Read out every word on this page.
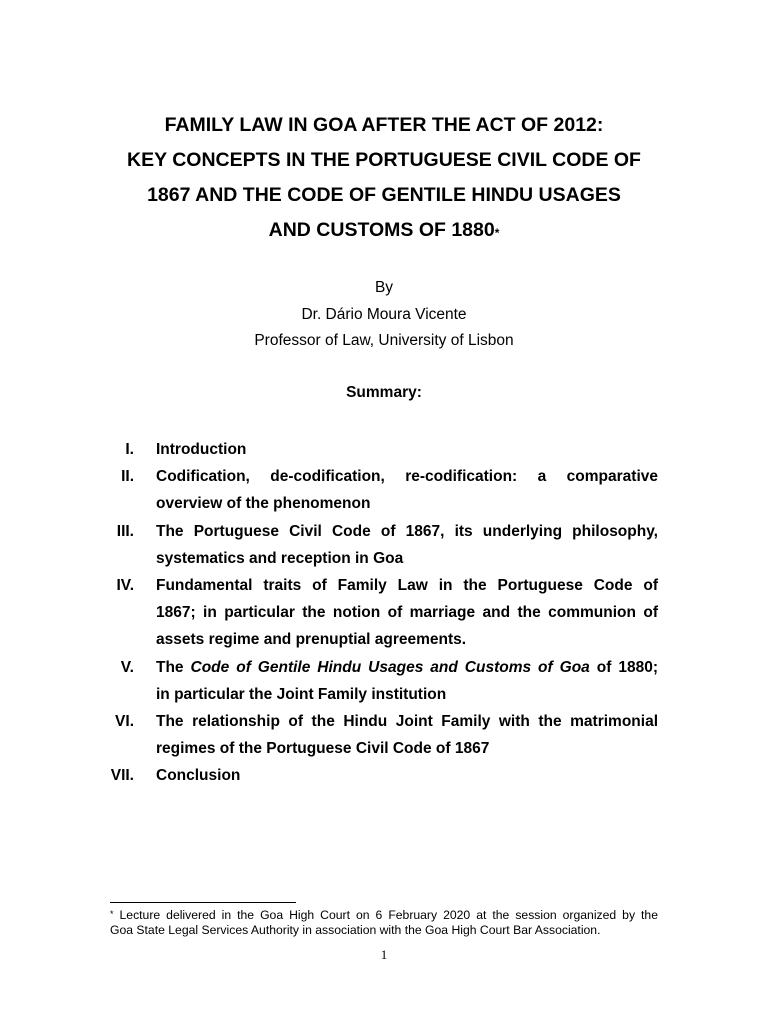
FAMILY LAW IN GOA AFTER THE ACT OF 2012:
KEY CONCEPTS IN THE PORTUGUESE CIVIL CODE OF
1867 AND THE CODE OF GENTILE HINDU USAGES
AND CUSTOMS OF 1880*
By
Dr. Dário Moura Vicente
Professor of Law, University of Lisbon
Summary:
I. Introduction
II. Codification, de-codification, re-codification: a comparative
overview of the phenomenon
III. The Portuguese Civil Code of 1867, its underlying philosophy,
systematics and reception in Goa
IV. Fundamental traits of Family Law in the Portuguese Code of
1867; in particular the notion of marriage and the communion of
assets regime and prenuptial agreements.
V. The Code of Gentile Hindu Usages and Customs of Goa of 1880;
in particular the Joint Family institution
VI. The relationship of the Hindu Joint Family with the matrimonial
regimes of the Portuguese Civil Code of 1867
VII. Conclusion
* Lecture delivered in the Goa High Court on 6 February 2020 at the session organized by the
Goa State Legal Services Authority in association with the Goa High Court Bar Association.
1
